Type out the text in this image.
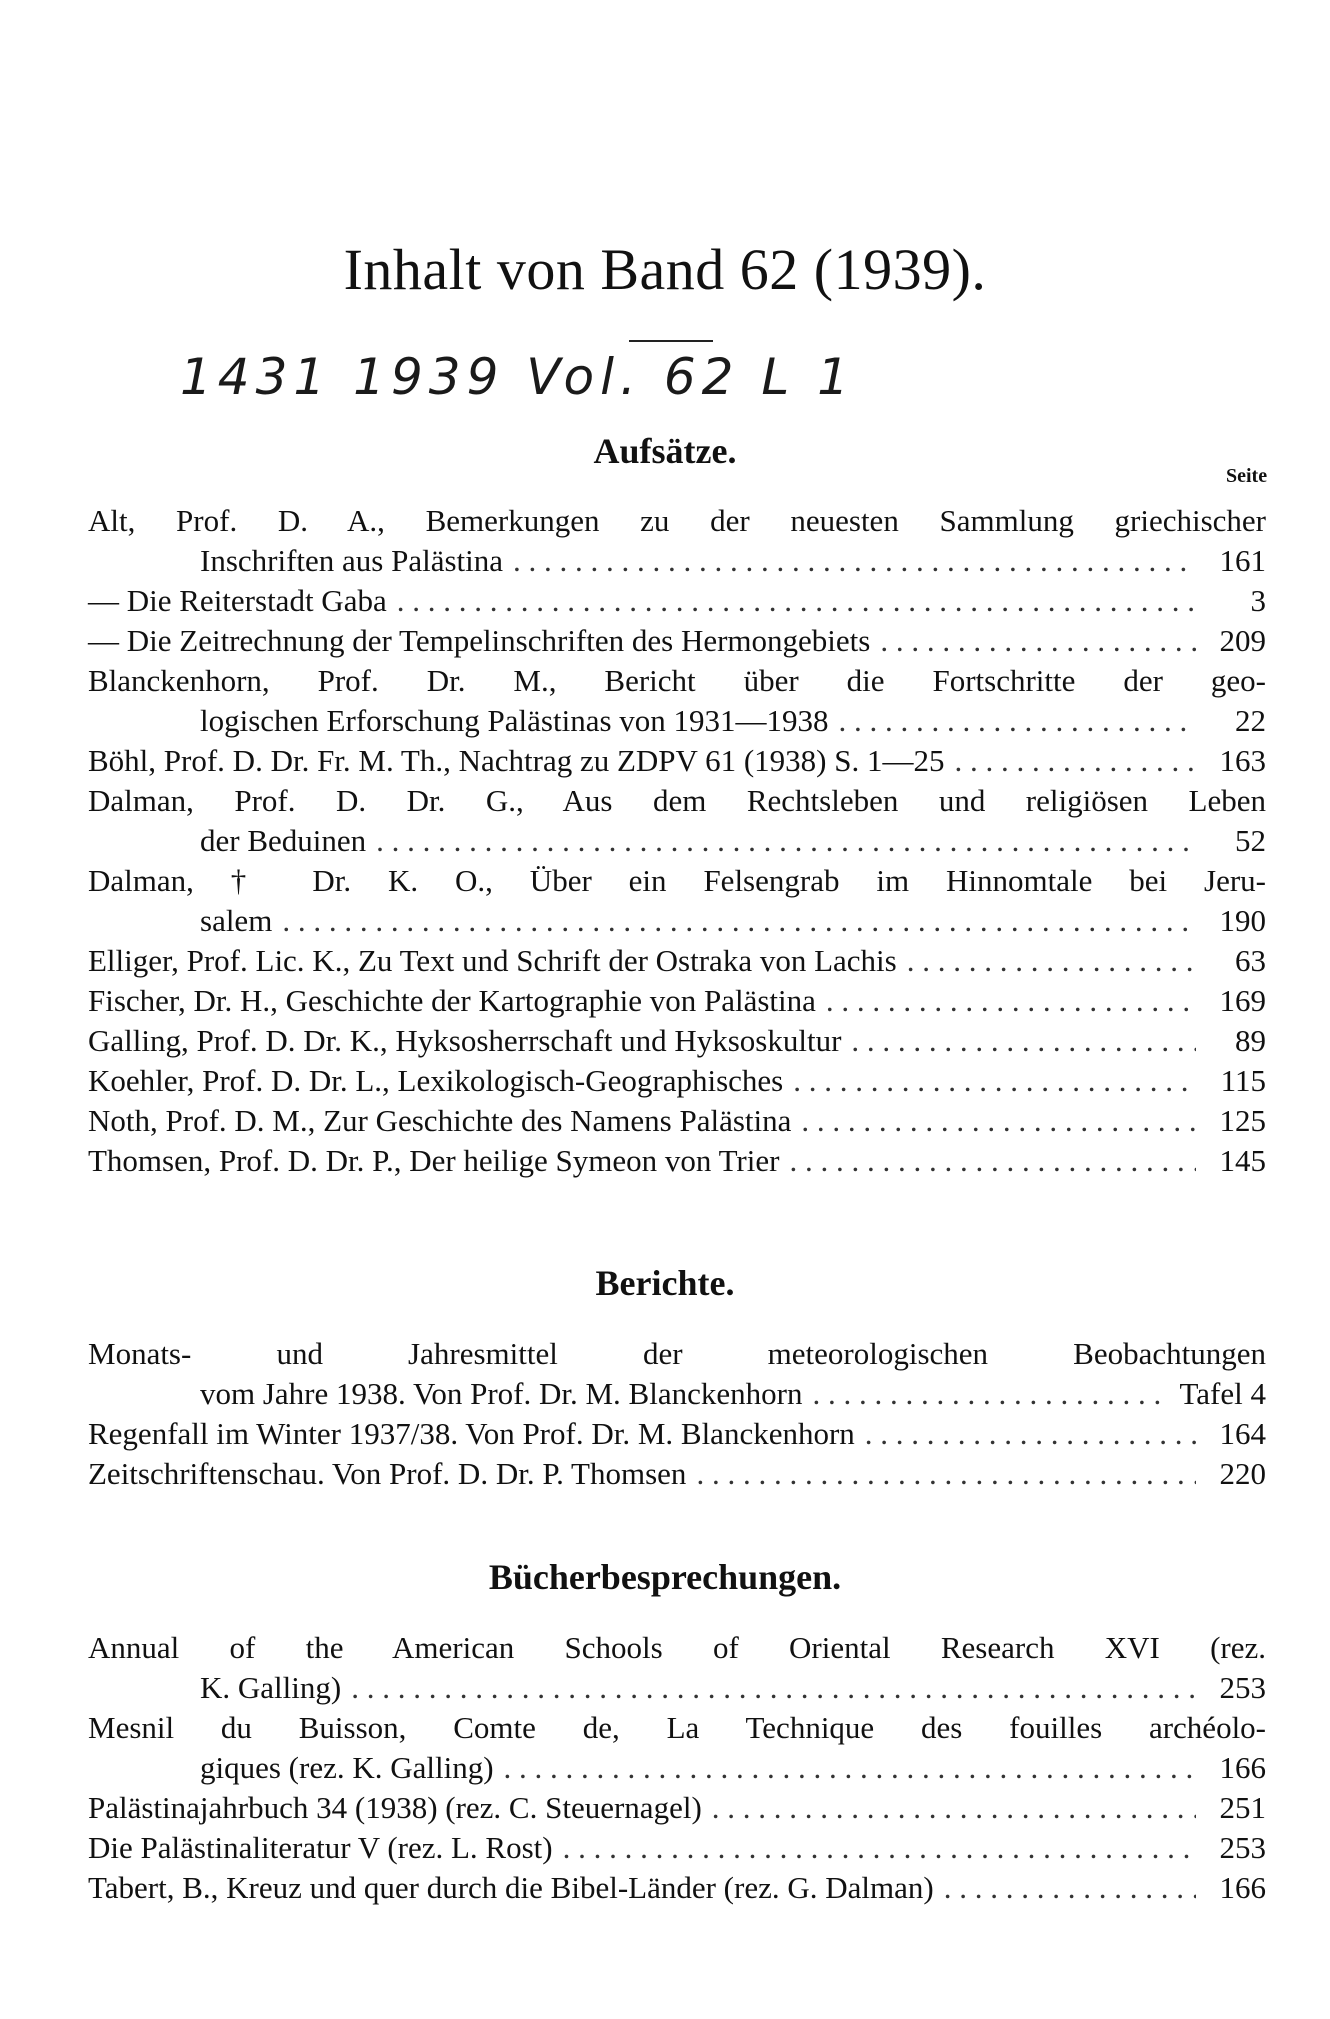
Inhalt von Band 62 (1939).
1431 1939 Vol. 62 L 1
Aufsätze.
Seite
Alt, Prof. D. A., Bemerkungen zu der neuesten Sammlung griechischer
Inschriften aus Palästina . . .	161
— Die Reiterstadt Gaba . . .	3
— Die Zeitrechnung der Tempelinschriften des Hermongebiets . . .	209
Blanckenhorn, Prof. Dr. M., Bericht über die Fortschritte der geo-
logischen Erforschung Palästinas von 1931—1938 . . .	22
Böhl, Prof. D. Dr. Fr. M. Th., Nachtrag zu ZDPV 61 (1938) S. 1—25 . . .	163
Dalman, Prof. D. Dr. G., Aus dem Rechtsleben und religiösen Leben
der Beduinen . . .	52
Dalman, † Dr. K. O., Über ein Felsengrab im Hinnomtale bei Jeru-
salem . . .	190
Elliger, Prof. Lic. K., Zu Text und Schrift der Ostraka von Lachis . . .	63
Fischer, Dr. H., Geschichte der Kartographie von Palästina . . .	169
Galling, Prof. D. Dr. K., Hyksosherrschaft und Hyksoskultur . . .	89
Koehler, Prof. D. Dr. L., Lexikologisch-Geographisches . . .	115
Noth, Prof. D. M., Zur Geschichte des Namens Palästina . . .	125
Thomsen, Prof. D. Dr. P., Der heilige Symeon von Trier . . .	145
Berichte.
Monats- und Jahresmittel der meteorologischen Beobachtungen
vom Jahre 1938. Von Prof. Dr. M. Blanckenhorn . . .	Tafel 4
Regenfall im Winter 1937/38. Von Prof. Dr. M. Blanckenhorn . . .	164
Zeitschriftenschau. Von Prof. D. Dr. P. Thomsen . . .	220
Bücherbesprechungen.
Annual of the American Schools of Oriental Research XVI (rez.
K. Galling) . . .	253
Mesnil du Buisson, Comte de, La Technique des fouilles archéolo-
giques (rez. K. Galling) . . .	166
Palästinajahrbuch 34 (1938) (rez. C. Steuernagel) . . .	251
Die Palästinaliteratur V (rez. L. Rost) . . .	253
Tabert, B., Kreuz und quer durch die Bibel-Länder (rez. G. Dalman) . . .	166
